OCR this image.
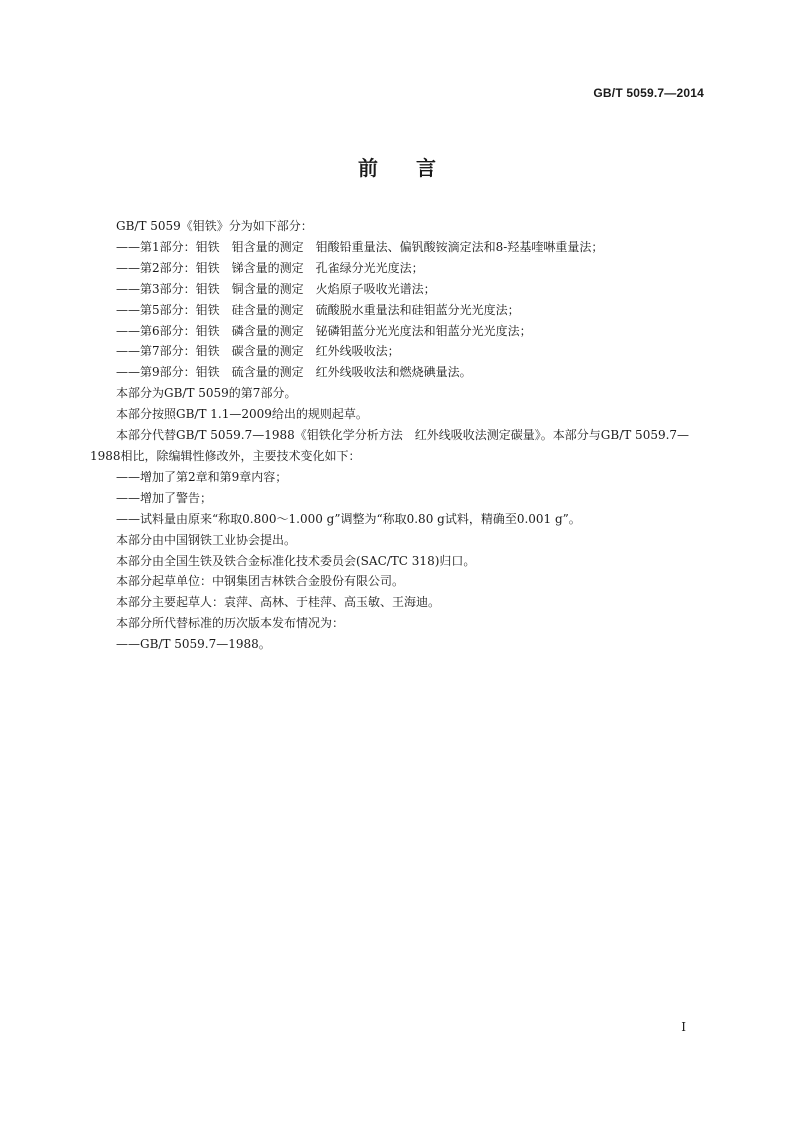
GB/T 5059.7—2014
前言
GB/T 5059《钼铁》分为如下部分：
——第1部分：钼铁 钼含量的测定 钼酸铅重量法、偏钒酸铵滴定法和8-羟基喹啉重量法；
——第2部分：钼铁 锑含量的测定 孔雀绿分光光度法；
——第3部分：钼铁 铜含量的测定 火焰原子吸收光谱法；
——第5部分：钼铁 硅含量的测定 硫酸脱水重量法和硅钼蓝分光光度法；
——第6部分：钼铁 磷含量的测定 铋磷钼蓝分光光度法和钼蓝分光光度法；
——第7部分：钼铁 碳含量的测定 红外线吸收法；
——第9部分：钼铁 硫含量的测定 红外线吸收法和燃烧碘量法。
本部分为GB/T 5059的第7部分。
本部分按照GB/T 1.1—2009给出的规则起草。
本部分代替GB/T 5059.7—1988《钼铁化学分析方法　红外线吸收法测定碳量》。本部分与GB/T 5059.7—1988相比，除编辑性修改外，主要技术变化如下：
——增加了第2章和第9章内容；
——增加了警告；
——试料量由原来“称取0.800～1.000 g”调整为“称取0.80 g试料，精确至0.001 g”。
本部分由中国钢铁工业协会提出。
本部分由全国生铁及铁合金标准化技术委员会(SAC/TC 318)归口。
本部分起草单位：中钢集团吉林铁合金股份有限公司。
本部分主要起草人：袁萍、高林、于桂萍、高玉敏、王海迪。
本部分所代替标准的历次版本发布情况为：
——GB/T 5059.7—1988。
I
